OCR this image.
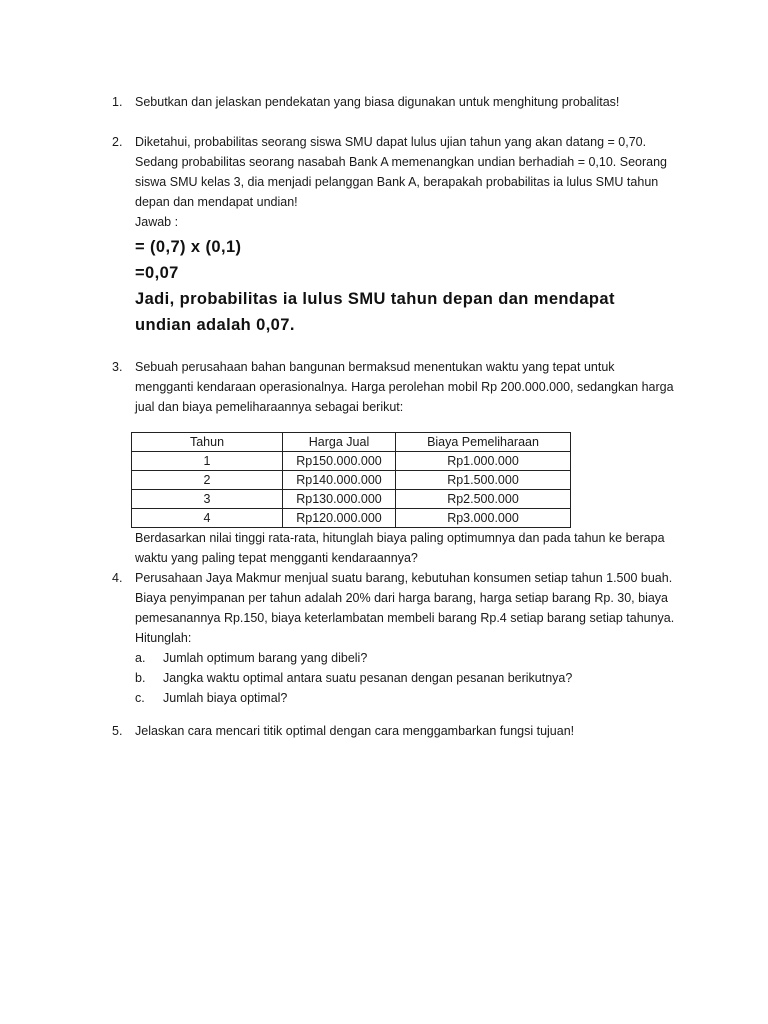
1. Sebutkan dan jelaskan pendekatan yang biasa digunakan untuk menghitung probalitas!
2. Diketahui, probabilitas seorang siswa SMU dapat lulus ujian tahun yang akan datang = 0,70.
Sedang probabilitas seorang nasabah Bank A memenangkan undian berhadiah = 0,10. Seorang
siswa SMU kelas 3, dia menjadi pelanggan Bank A, berapakah probabilitas ia lulus SMU tahun
depan dan mendapat undian!
Jawab :
= (0,7) x (0,1)
=0,07
Jadi, probabilitas ia lulus SMU tahun depan dan mendapat
undian adalah 0,07.
3. Sebuah perusahaan bahan bangunan bermaksud menentukan waktu yang tepat untuk
mengganti kendaraan operasionalnya. Harga perolehan mobil Rp 200.000.000, sedangkan harga
jual dan biaya pemeliharaannya sebagai berikut:
Tahun	Harga Jual	Biaya Pemeliharaan
1	Rp150.000.000	Rp1.000.000
2	Rp140.000.000	Rp1.500.000
3	Rp130.000.000	Rp2.500.000
4	Rp120.000.000	Rp3.000.000
Berdasarkan nilai tinggi rata-rata, hitunglah biaya paling optimumnya dan pada tahun ke berapa
waktu yang paling tepat mengganti kendaraannya?
4. Perusahaan Jaya Makmur menjual suatu barang, kebutuhan konsumen setiap tahun 1.500 buah.
Biaya penyimpanan per tahun adalah 20% dari harga barang, harga setiap barang Rp. 30, biaya
pemesanannya Rp.150, biaya keterlambatan membeli barang Rp.4 setiap barang setiap tahunya.
Hitunglah:
a. Jumlah optimum barang yang dibeli?
b. Jangka waktu optimal antara suatu pesanan dengan pesanan berikutnya?
c. Jumlah biaya optimal?
5. Jelaskan cara mencari titik optimal dengan cara menggambarkan fungsi tujuan!
